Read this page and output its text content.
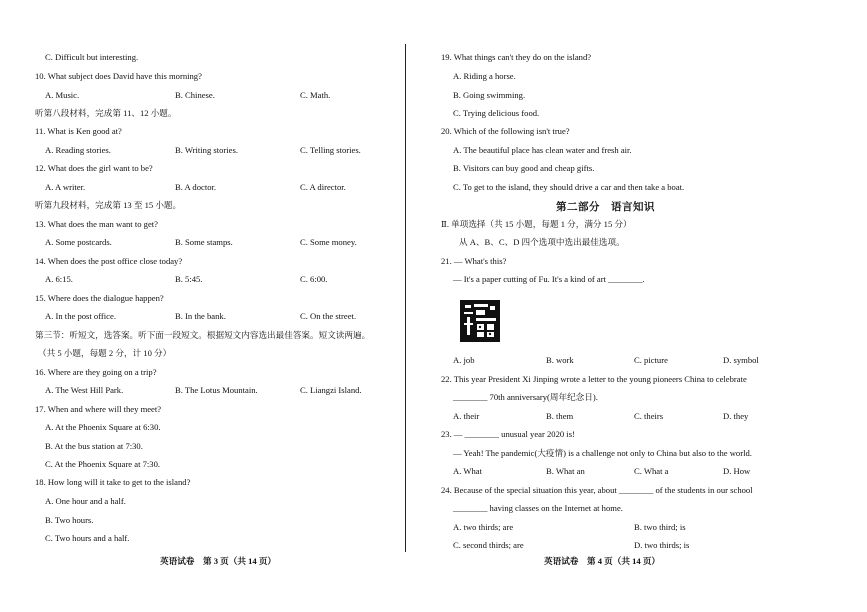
C. Difficult but interesting.
10. What subject does David have this morning?
A. Music.	B. Chinese.	C. Math.
听第八段材料，完成第 11、12 小题。
11. What is Ken good at?
A. Reading stories.	B. Writing stories.	C. Telling stories.
12. What does the girl want to be?
A. A writer.	B. A doctor.	C. A director.
听第九段材料，完成第 13 至 15 小题。
13. What does the man want to get?
A. Some postcards.	B. Some stamps.	C. Some money.
14. When does the post office close today?
A. 6:15.	B. 5:45.	C. 6:00.
15. Where does the dialogue happen?
A. In the post office.	B. In the bank.	C. On the street.
第三节：听短文，选答案。听下面一段短文。根据短文内容选出最佳答案。短文读两遍。
（共 5 小题，每题 2 分，计 10 分）
16. Where are they going on a trip?
A. The West Hill Park.	B. The Lotus Mountain.	C. Liangzi Island.
17. When and where will they meet?
A. At the Phoenix Square at 6:30.
B. At the bus station at 7:30.
C. At the Phoenix Square at 7:30.
18. How long will it take to get to the island?
A. One hour and a half.
B. Two hours.
C. Two hours and a half.
19. What things can't they do on the island?
A. Riding a horse.
B. Going swimming.
C. Trying delicious food.
20. Which of the following isn't true?
A. The beautiful place has clean water and fresh air.
B. Visitors can buy good and cheap gifts.
C. To get to the island, they should drive a car and then take a boat.
第二部分　语言知识
Ⅱ. 单项选择（共 15 小题，每题 1 分，满分 15 分）
从 A、B、C、D 四个选项中选出最佳选项。
21. — What's this?
— It's a paper cutting of Fu. It's a kind of art ________.
A. job	B. work	C. picture	D. symbol
22. This year President Xi Jinping wrote a letter to the young pioneers China to celebrate
________ 70th anniversary(周年纪念日).
A. their	B. them	C. theirs	D. they
23. — ________ unusual year 2020 is!
— Yeah! The pandemic(大疫情) is a challenge not only to China but also to the world.
A. What	B. What an	C. What a	D. How
24. Because of the special situation this year, about ________ of the students in our school
________ having classes on the Internet at home.
A. two thirds; are	B. two third; is
C. second thirds; are	D. two thirds; is
英语试卷　第 3 页（共 14 页）	英语试卷　第 4 页（共 14 页）
